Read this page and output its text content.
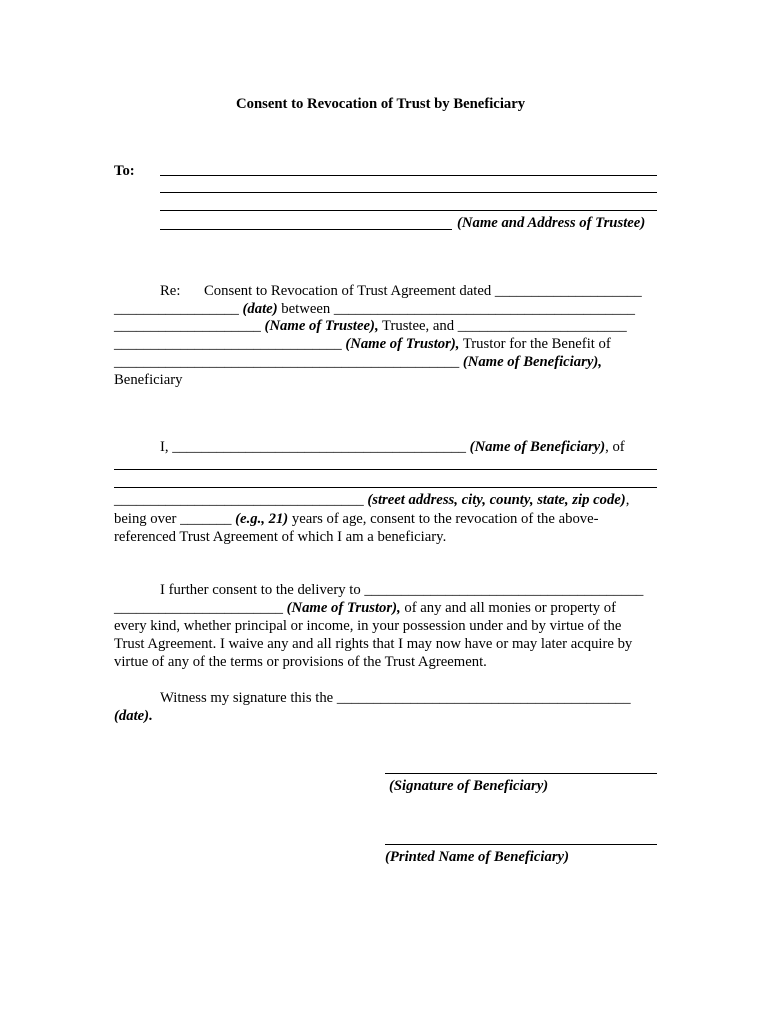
Consent to Revocation of Trust by Beneficiary
To:
(Name and Address of Trustee)
Re: Consent to Revocation of Trust Agreement dated ____________________
_________________ (date) between _________________________________________
____________________ (Name of Trustee), Trustee, and _______________________
_______________________________ (Name of Trustor), Trustor for the Benefit of
_______________________________________________ (Name of Beneficiary),
Beneficiary
I, ________________________________________ (Name of Beneficiary), of
__________________________________ (street address, city, county, state, zip code),
being over _______ (e.g., 21) years of age, consent to the revocation of the above-
referenced Trust Agreement of which I am a beneficiary.
I further consent to the delivery to ______________________________________
_______________________ (Name of Trustor), of any and all monies or property of
every kind, whether principal or income, in your possession under and by virtue of the
Trust Agreement. I waive any and all rights that I may now have or may later acquire by
virtue of any of the terms or provisions of the Trust Agreement.
Witness my signature this the ________________________________________
(date).
(Signature of Beneficiary)
(Printed Name of Beneficiary)
